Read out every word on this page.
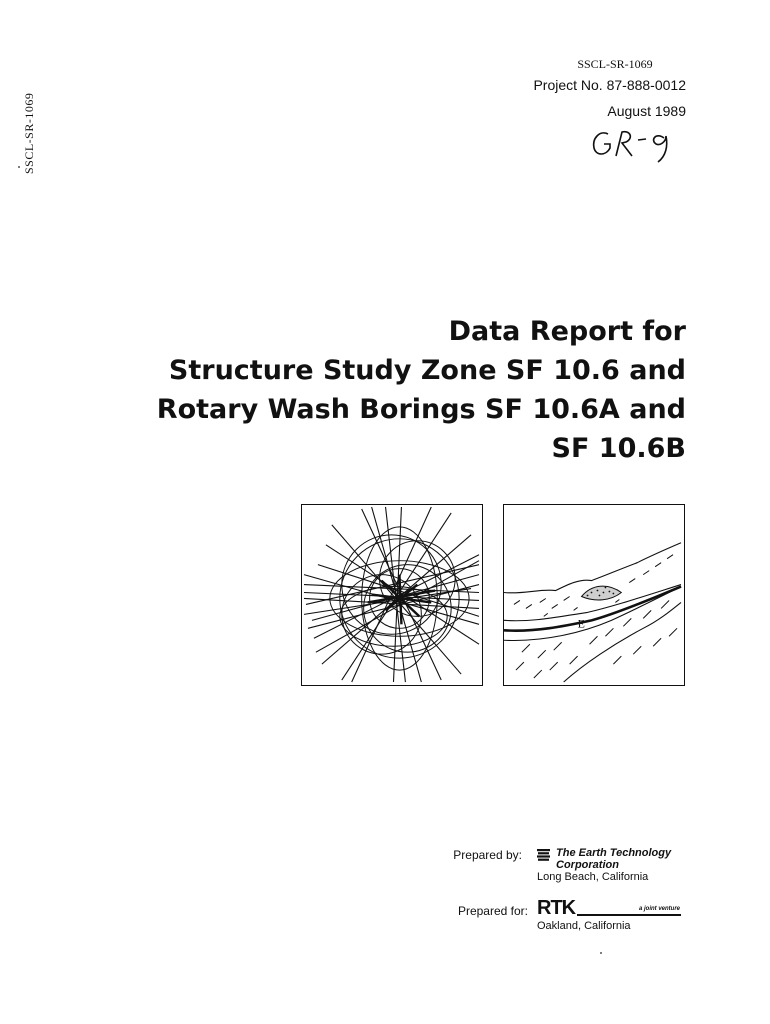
SSCL-SR-1069
SSCL-SR-1069
Project No. 87-888-0012
August 1989
Data Report for
Structure Study Zone SF 10.6 and
Rotary Wash Borings SF 10.6A and
SF 10.6B
E
Prepared by:	The Earth Technology
Corporation
Long Beach, California
Prepared for: RTK	a joint venture
Oakland, California
